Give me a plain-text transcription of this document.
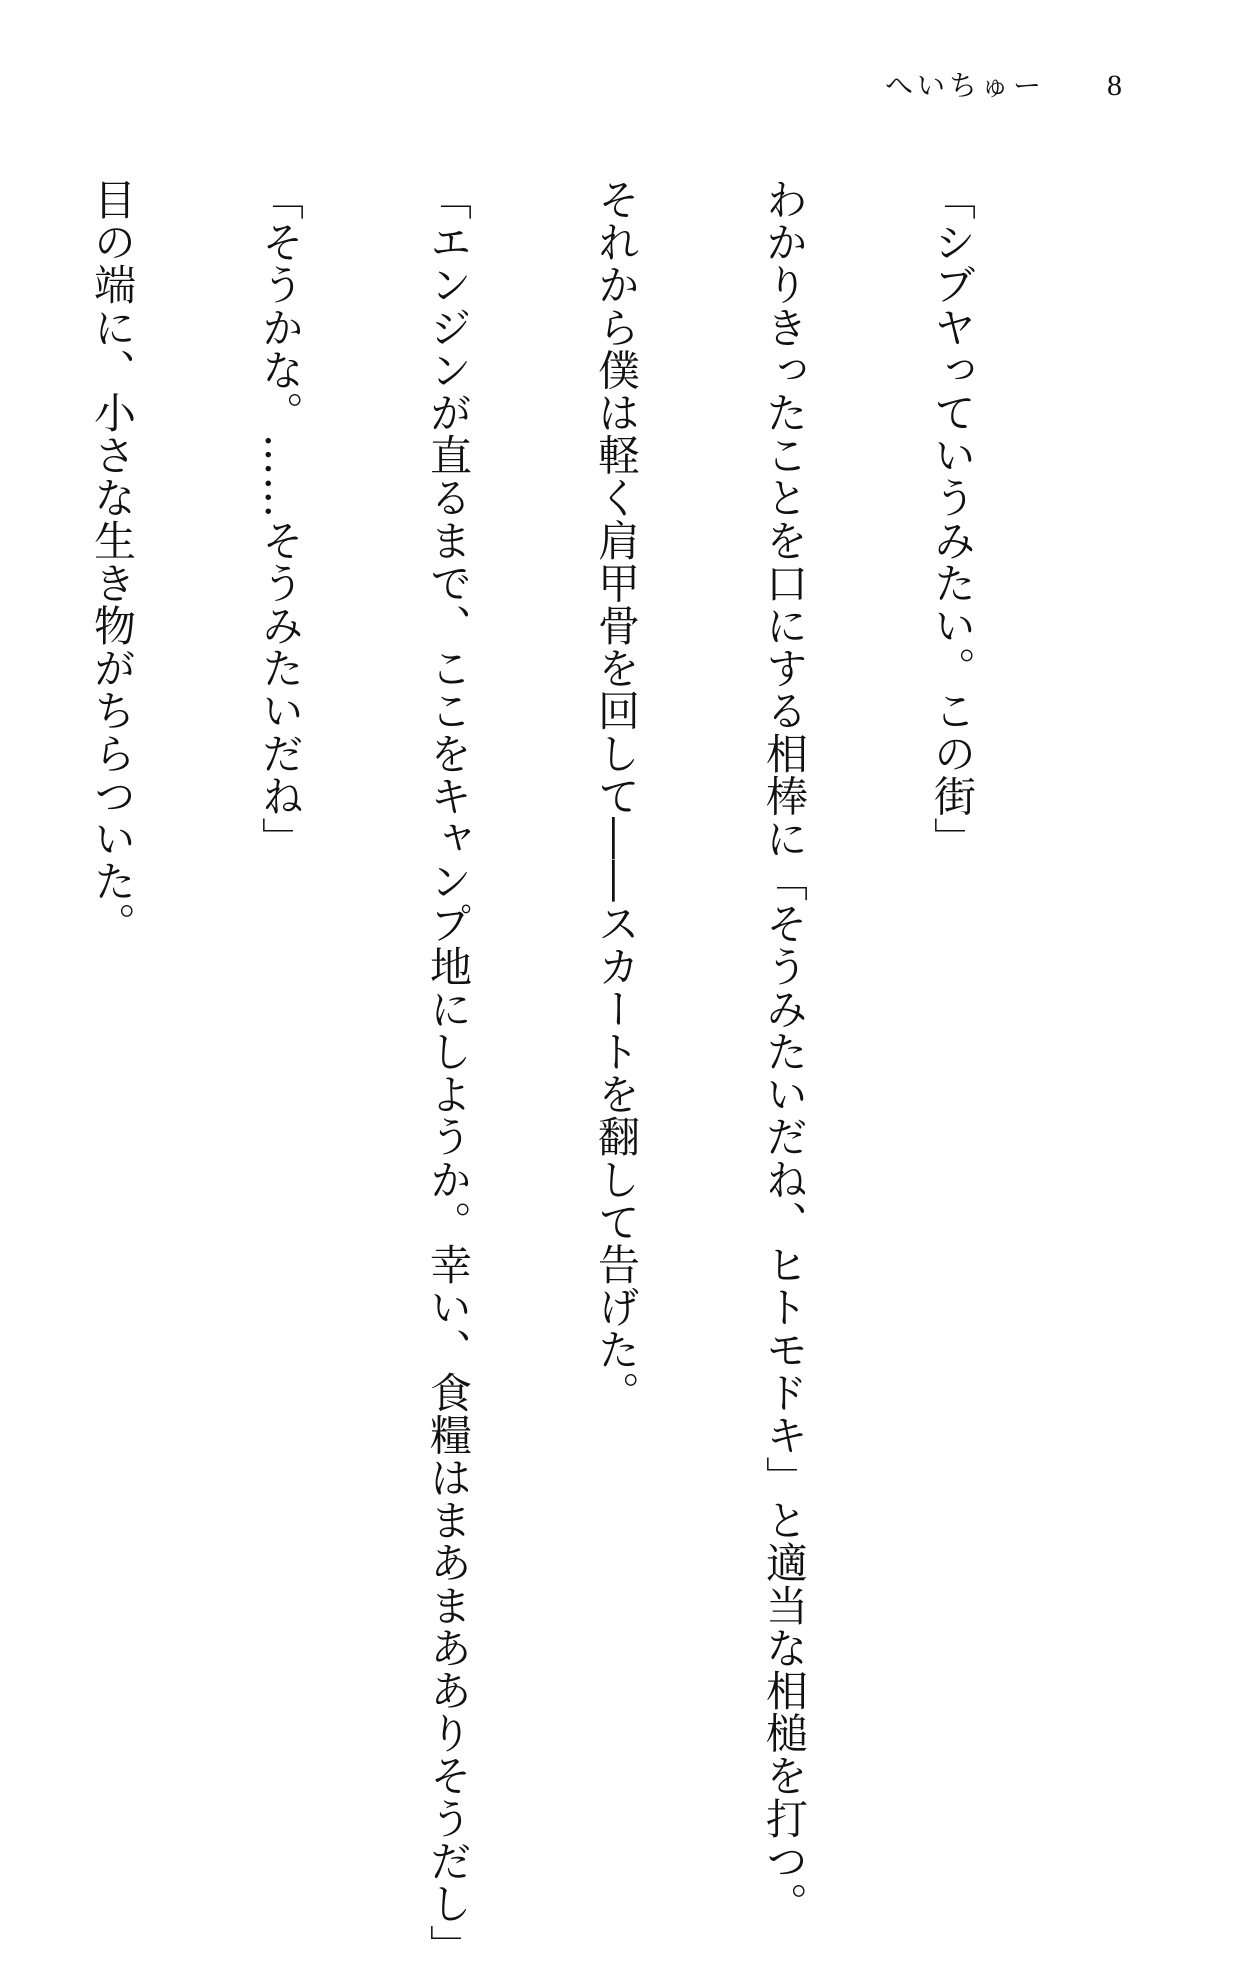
へいちゅー 8

「シブヤっていうみたい。この街」

わかりきったことを口にする相棒に「そうみたいだね、ヒトモドキ」と適当な相槌を打つ。

それから僕は軽く肩甲骨を回して――スカートを翻して告げた。

「エンジンが直るまで、ここをキャンプ地にしようか。幸い、食糧はまあまあありそうだし」

「そうかな。……そうみたいだね」

目の端に、小さな生き物がちらついた。
